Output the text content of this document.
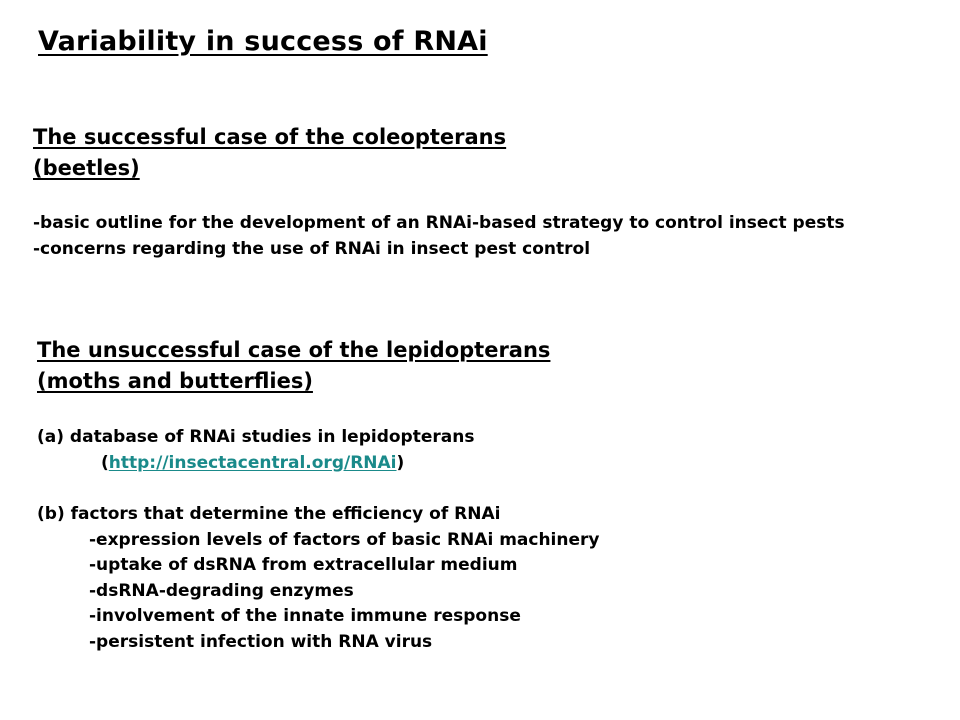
Variability in success of RNAi
The successful case of the coleopterans
(beetles)
-basic outline for the development of an RNAi-based strategy to control insect pests
-concerns regarding the use of RNAi in insect pest control
The unsuccessful case of the lepidopterans
(moths and butterflies)
(a) database of RNAi studies in lepidopterans
(http://insectacentral.org/RNAi)
(b) factors that determine the efficiency of RNAi
-expression levels of factors of basic RNAi machinery
-uptake of dsRNA from extracellular medium
-dsRNA-degrading enzymes
-involvement of the innate immune response
-persistent infection with RNA virus
